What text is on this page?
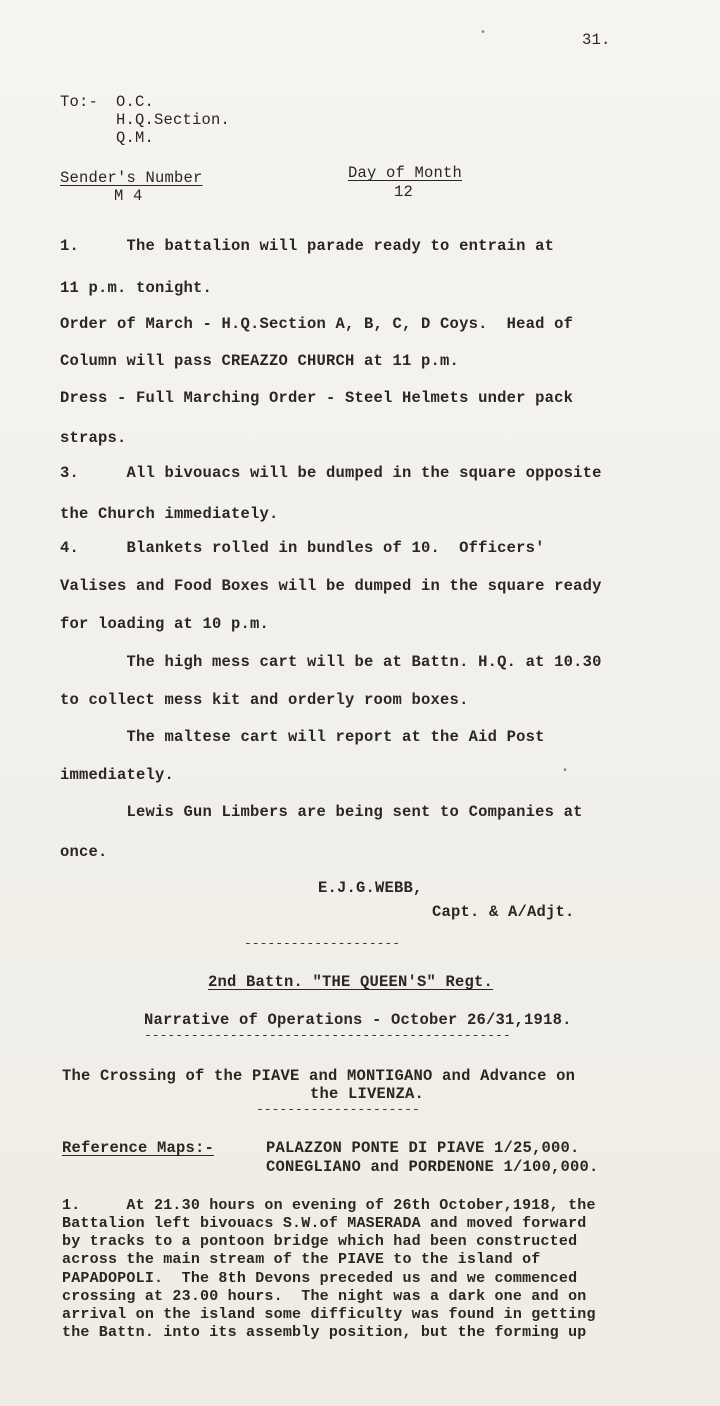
31.
To:- O.C.
H.Q.Section.
Q.M.
Sender's Number
M 4
Day of Month
12
1.     The battalion will parade ready to entrain at
11 p.m. tonight.
Order of March - H.Q.Section A, B, C, D Coys.  Head of
Column will pass CREAZZO CHURCH at 11 p.m.
Dress - Full Marching Order - Steel Helmets under pack
straps.
3.     All bivouacs will be dumped in the square opposite
the Church immediately.
4.     Blankets rolled in bundles of 10.  Officers'
Valises and Food Boxes will be dumped in the square ready
for loading at 10 p.m.
The high mess cart will be at Battn. H.Q. at 10.30
to collect mess kit and orderly room boxes.
The maltese cart will report at the Aid Post
immediately.
Lewis Gun Limbers are being sent to Companies at
once.
E.J.G.WEBB,
Capt. & A/Adjt.
--------------------
2nd Battn. "THE QUEEN'S" Regt.
Narrative of Operations - October 26/31,1918.
-----------------------------------------------
The Crossing of the PIAVE and MONTIGANO and Advance on
the LIVENZA.
---------------------
Reference Maps:-	PALAZZON PONTE DI PIAVE 1/25,000.
CONEGLIANO and PORDENONE 1/100,000.
1.     At 21.30 hours on evening of 26th October,1918, the
Battalion left bivouacs S.W.of MASERADA and moved forward
by tracks to a pontoon bridge which had been constructed
across the main stream of the PIAVE to the island of
PAPADOPOLI.  The 8th Devons preceded us and we commenced
crossing at 23.00 hours.  The night was a dark one and on
arrival on the island some difficulty was found in getting
the Battn. into its assembly position, but the forming up
•
•
